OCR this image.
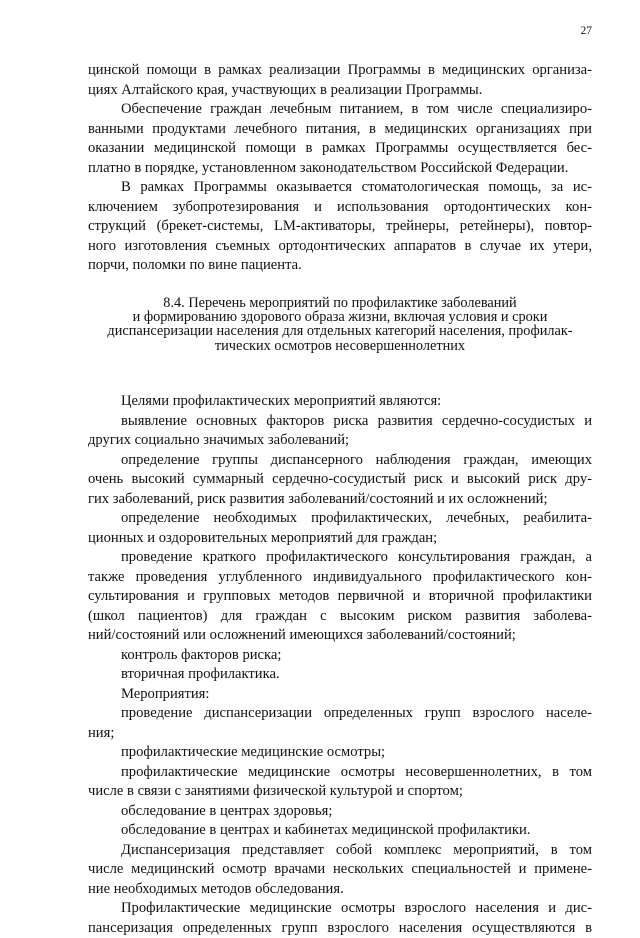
27
цинской помощи в рамках реализации Программы в медицинских организа-
циях Алтайского края, участвующих в реализации Программы.
Обеспечение граждан лечебным питанием, в том числе специализиро-
ванными продуктами лечебного питания, в медицинских организациях при
оказании медицинской помощи в рамках Программы осуществляется бес-
платно в порядке, установленном законодательством Российской Федерации.
В рамках Программы оказывается стоматологическая помощь, за ис-
ключением зубопротезирования и использования ортодонтических кон-
струкций (брекет-системы, LM-активаторы, трейнеры, ретейнеры), повтор-
ного изготовления съемных ортодонтических аппаратов в случае их утери,
порчи, поломки по вине пациента.
8.4. Перечень мероприятий по профилактике заболеваний
и формированию здорового образа жизни, включая условия и сроки
диспансеризации населения для отдельных категорий населения, профилак-
тических осмотров несовершеннолетних
Целями профилактических мероприятий являются:
выявление основных факторов риска развития сердечно-сосудистых и
других социально значимых заболеваний;
определение группы диспансерного наблюдения граждан, имеющих
очень высокий суммарный сердечно-сосудистый риск и высокий риск дру-
гих заболеваний, риск развития заболеваний/состояний и их осложнений;
определение необходимых профилактических, лечебных, реабилита-
ционных и оздоровительных мероприятий для граждан;
проведение краткого профилактического консультирования граждан, а
также проведения углубленного индивидуального профилактического кон-
сультирования и групповых методов первичной и вторичной профилактики
(школ пациентов) для граждан с высоким риском развития заболева-
ний/состояний или осложнений имеющихся заболеваний/состояний;
контроль факторов риска;
вторичная профилактика.
Мероприятия:
проведение диспансеризации определенных групп взрослого населе-
ния;
профилактические медицинские осмотры;
профилактические медицинские осмотры несовершеннолетних, в том
числе в связи с занятиями физической культурой и спортом;
обследование в центрах здоровья;
обследование в центрах и кабинетах медицинской профилактики.
Диспансеризация представляет собой комплекс мероприятий, в том
числе медицинский осмотр врачами нескольких специальностей и примене-
ние необходимых методов обследования.
Профилактические медицинские осмотры взрослого населения и дис-
пансеризация определенных групп взрослого населения осуществляются в
